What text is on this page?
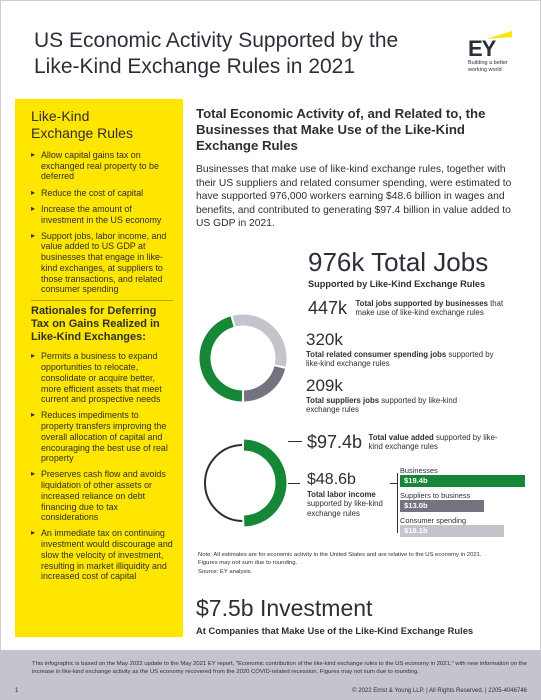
US Economic Activity Supported by the
Like-Kind Exchange Rules in 2021
EY
Building a better
working world
Like-Kind
Exchange Rules
▸ Allow capital gains tax on exchanged real property to be deferred
▸ Reduce the cost of capital
▸ Increase the amount of investment in the US economy
▸ Support jobs, labor income, and value added to US GDP at businesses that engage in like-kind exchanges, at suppliers to those transactions, and related consumer spending
Rationales for Deferring Tax on Gains Realized in Like-Kind Exchanges:
▸ Permits a business to expand opportunities to relocate, consolidate or acquire better, more efficient assets that meet current and prospective needs
▸ Reduces impediments to property transfers improving the overall allocation of capital and encouraging the best use of real property
▸ Preserves cash flow and avoids liquidation of other assets or increased reliance on debt financing due to tax considerations
▸ An immediate tax on continuing investment would discourage and slow the velocity of investment, resulting in market illiquidity and increased cost of capital
Total Economic Activity of, and Related to, the Businesses that Make Use of the Like-Kind Exchange Rules

Businesses that make use of like-kind exchange rules, together with their US suppliers and related consumer spending, were estimated to have supported 976,000 workers earning $48.6 billion in wages and benefits, and contributed to generating $97.4 billion in value added to US GDP in 2021.

976k Total Jobs
Supported by Like-Kind Exchange Rules
447k Total jobs supported by businesses that make use of like-kind exchange rules
320k
Total related consumer spending jobs supported by like-kind exchange rules
209k
Total suppliers jobs supported by like-kind exchange rules
$97.4b Total value added supported by like-kind exchange rules
$48.6b
Total labor income supported by like-kind exchange rules
Businesses
$19.4b
Suppliers to business
$13.0b
Consumer spending
$16.1b

Note: All estimates are for economic activity in the United States and are relative to the US economy in 2021.

Figures may not sum due to rounding.

Source: EY analysis.

$7.5b Investment
At Companies that Make Use of the Like-Kind Exchange Rules
This infographic is based on the May 2022 update to the May 2021 EY report, "Economic contribution of the like-kind exchange rules to the US economy in 2021," with new information on the increase in like-kind exchange activity as the US economy recovered from the 2020 COVID-related recession. Figures may not sum due to rounding.
1	© 2022 Ernst & Young LLP. | All Rights Reserved. | 2205-4046746
